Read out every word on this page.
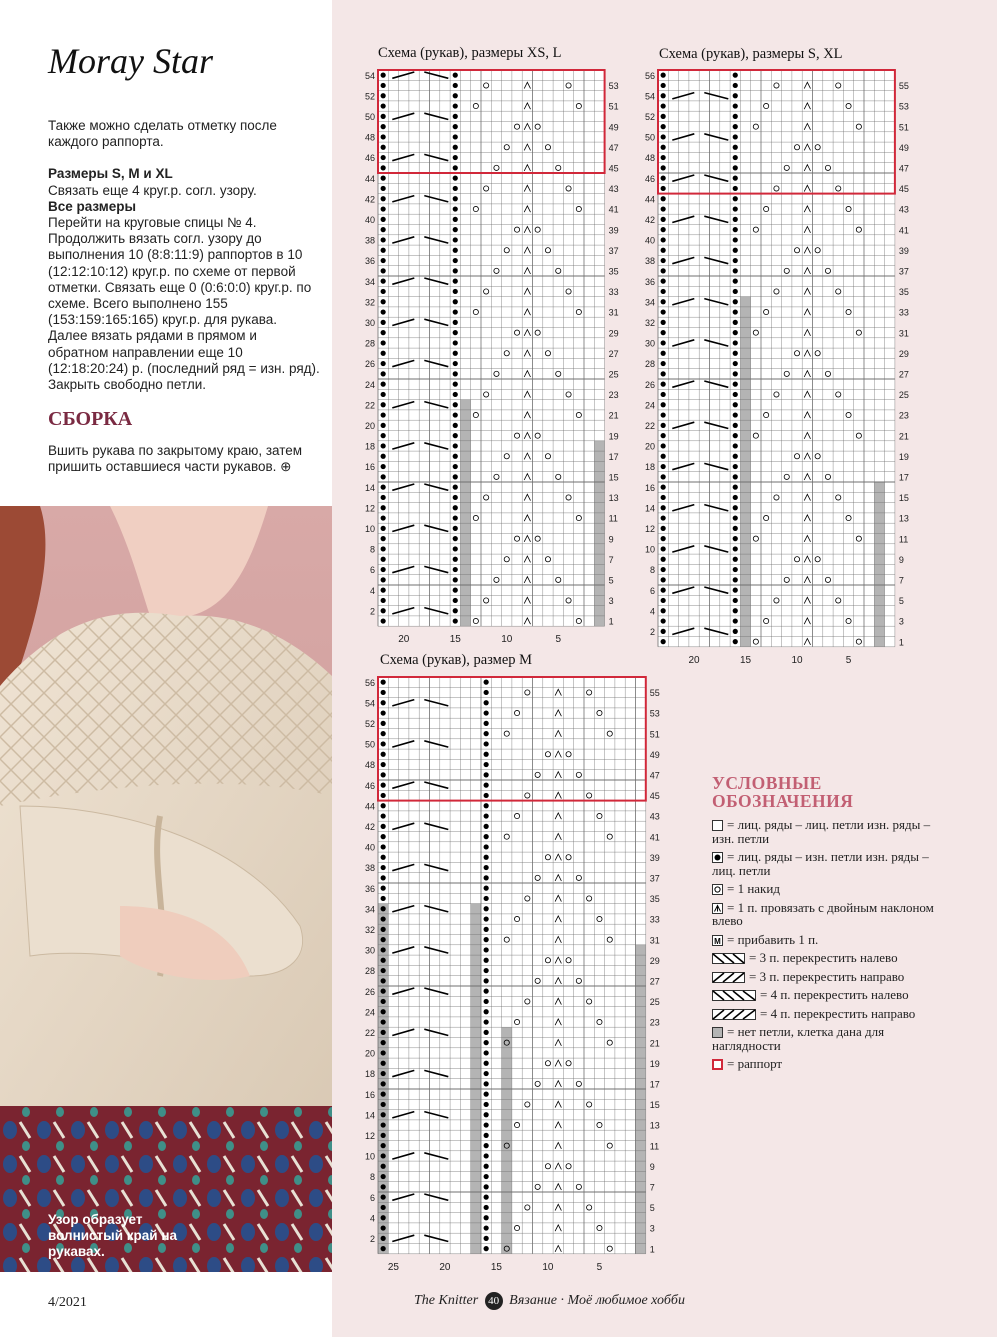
Moray Star

Также можно сделать отметку после каждого раппорта.

Размеры S, M и XL
Связать еще 4 круг.р. согл. узору.
Все размеры
Перейти на круговые спицы № 4. Продолжить вязать согл. узору до выполнения 10 (8:8:11:9) раппортов в 10 (12:12:10:12) круг.р. по схеме от первой отметки. Связать еще 0 (0:6:0:0) круг.р. по схеме. Всего выполнено 155 (153:159:165:165) круг.р. для рукава. Далее вязать рядами в прямом и обратном направлении еще 10 (12:18:20:24) р. (последний ряд = изн. ряд). Закрыть свободно петли.
СБОРКА

Вшить рукава по закрытому краю, затем пришить оставшиеся части рукавов. ⊕

Узор образует волнистый край на рукавах.
Схема (рукав), размеры XS, L
1
2
3
4
5
6
7
8
9
10
11
12
13
14
15
16
17
18
19
20
21
22
23
24
25
26
27
28
29
30
31
32
33
34
35
36
37
38
39
40
41
42
43
44
45
46
47
48
49
50
51
52
53
54
20	15	10	5
Схема (рукав), размеры S, XL
1
2
3
4
5
6
7
8
9
10
11
12
13
14
15
16
17
18
19
20
21
22
23
24
25
26
27
28
29
30
31
32
33
34
35
36
37
38
39
40
41
42
43
44
45
46
47
48
49
50
51
52
53
54
55
56
20	15	10	5
Схема (рукав), размер M
1
2
3
4
5
6
7
8
9
10
11
12
13
14
15
16
17
18
19
20
21
22
23
24
25
26
27
28
29
30
31
32
33
34
35
36
37
38
39
40
41
42
43
44
45
46
47
48
49
50
51
52
53
54
55
56
25	20	15	10	5
УСЛОВНЫЕ ОБОЗНАЧЕНИЯ
= лиц. ряды – лиц. петли изн. ряды – изн. петли
= лиц. ряды – изн. петли изн. ряды – лиц. петли
= 1 накид
= 1 п. провязать с двойным наклоном влево
M = прибавить 1 п.
= 3 п. перекрестить налево
= 3 п. перекрестить направо
= 4 п. перекрестить налево
= 4 п. перекрестить направо
= нет петли, клетка дана для наглядности
= раппорт
4/2021	The Knitter 40 Вязание · Моё любимое хобби
